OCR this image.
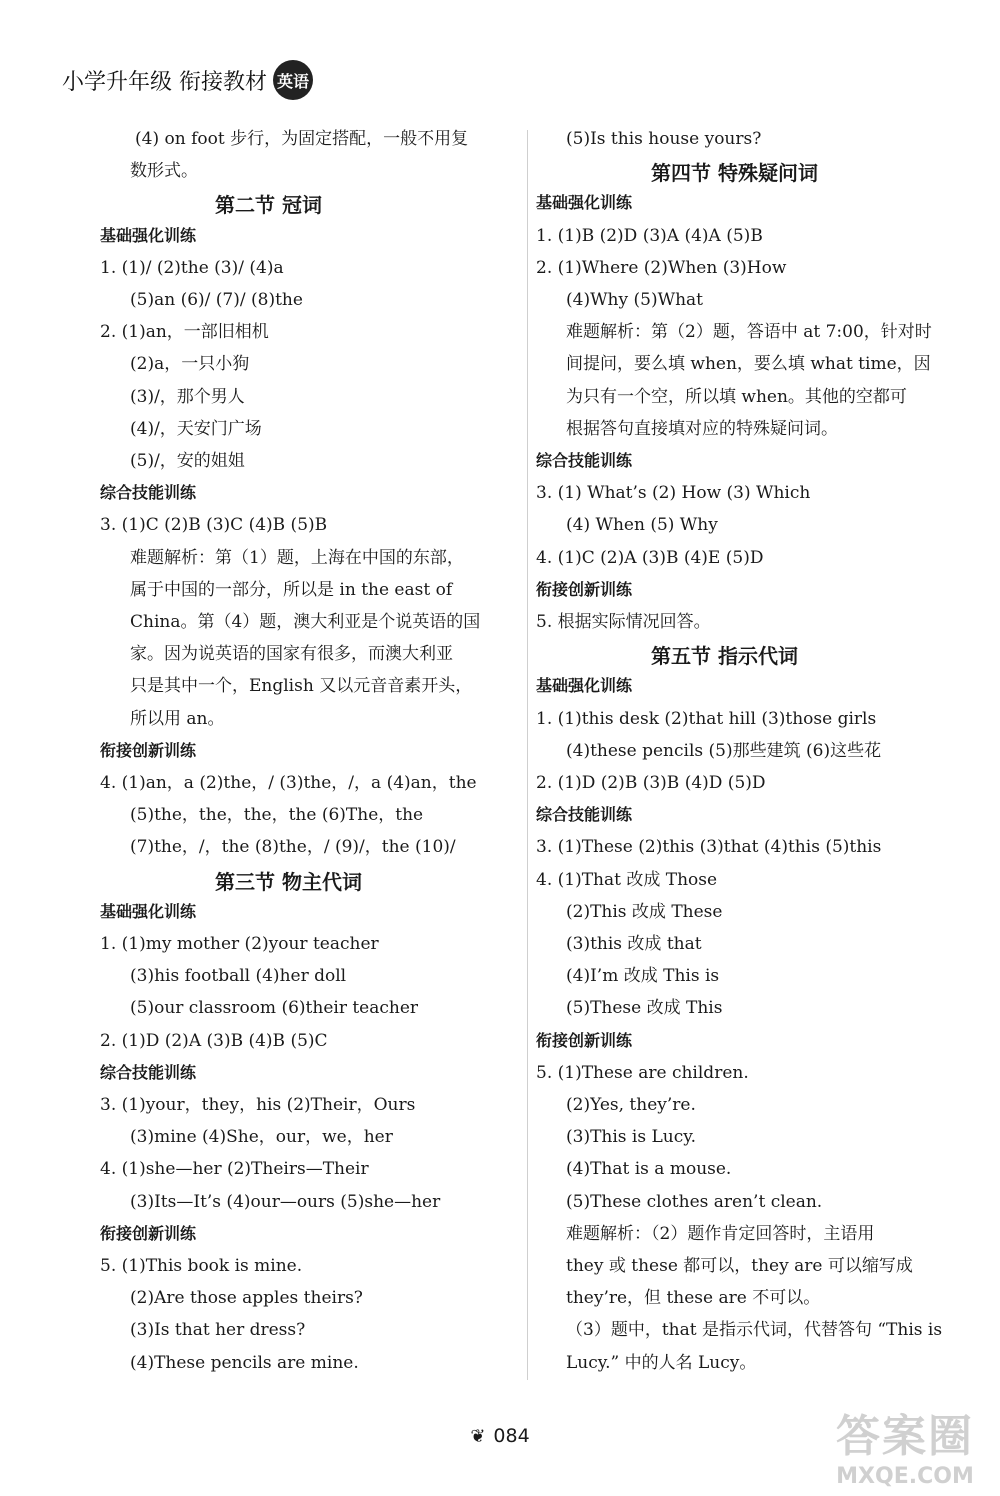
小学升年级 衔接教材 英语
(4) on foot 步行，为固定搭配，一般不用复
数形式。
第二节 冠词
基础强化训练
1. (1)/ (2)the (3)/ (4)a
(5)an (6)/ (7)/ (8)the
2. (1)an，一部旧相机
(2)a，一只小狗
(3)/，那个男人
(4)/，天安门广场
(5)/，安的姐姐
综合技能训练
3. (1)C (2)B (3)C (4)B (5)B
难题解析：第（1）题，上海在中国的东部，
属于中国的一部分，所以是 in the east of
China。第（4）题，澳大利亚是个说英语的国
家。因为说英语的国家有很多，而澳大利亚
只是其中一个，English 又以元音音素开头，
所以用 an。
衔接创新训练
4. (1)an，a (2)the，/ (3)the，/，a (4)an，the
(5)the，the，the，the (6)The，the
(7)the，/，the (8)the，/ (9)/，the (10)/
第三节 物主代词
基础强化训练
1. (1)my mother (2)your teacher
(3)his football (4)her doll
(5)our classroom (6)their teacher
2. (1)D (2)A (3)B (4)B (5)C
综合技能训练
3. (1)your，they，his (2)Their，Ours
(3)mine (4)She，our，we，her
4. (1)she—her (2)Theirs—Their
(3)Its—It’s (4)our—ours (5)she—her
衔接创新训练
5. (1)This book is mine.
(2)Are those apples theirs?
(3)Is that her dress?
(4)These pencils are mine.
(5)Is this house yours?
第四节 特殊疑问词
基础强化训练
1. (1)B (2)D (3)A (4)A (5)B
2. (1)Where (2)When (3)How
(4)Why (5)What
难题解析：第（2）题，答语中 at 7:00，针对时
间提问，要么填 when，要么填 what time，因
为只有一个空，所以填 when。其他的空都可
根据答句直接填对应的特殊疑问词。
综合技能训练
3. (1) What’s (2) How (3) Which
(4) When (5) Why
4. (1)C (2)A (3)B (4)E (5)D
衔接创新训练
5. 根据实际情况回答。
第五节 指示代词
基础强化训练
1. (1)this desk (2)that hill (3)those girls
(4)these pencils (5)那些建筑 (6)这些花
2. (1)D (2)B (3)B (4)D (5)D
综合技能训练
3. (1)These (2)this (3)that (4)this (5)this
4. (1)That 改成 Those
(2)This 改成 These
(3)this 改成 that
(4)I’m 改成 This is
(5)These 改成 This
衔接创新训练
5. (1)These are children.
(2)Yes, they’re.
(3)This is Lucy.
(4)That is a mouse.
(5)These clothes aren’t clean.
难题解析：（2）题作肯定回答时，主语用
they 或 these 都可以，they are 可以缩写成
they’re，但 these are 不可以。
（3）题中，that 是指示代词，代替答句 “This is
Lucy.” 中的人名 Lucy。
❦ 084	答案圈
MXQE.COM
